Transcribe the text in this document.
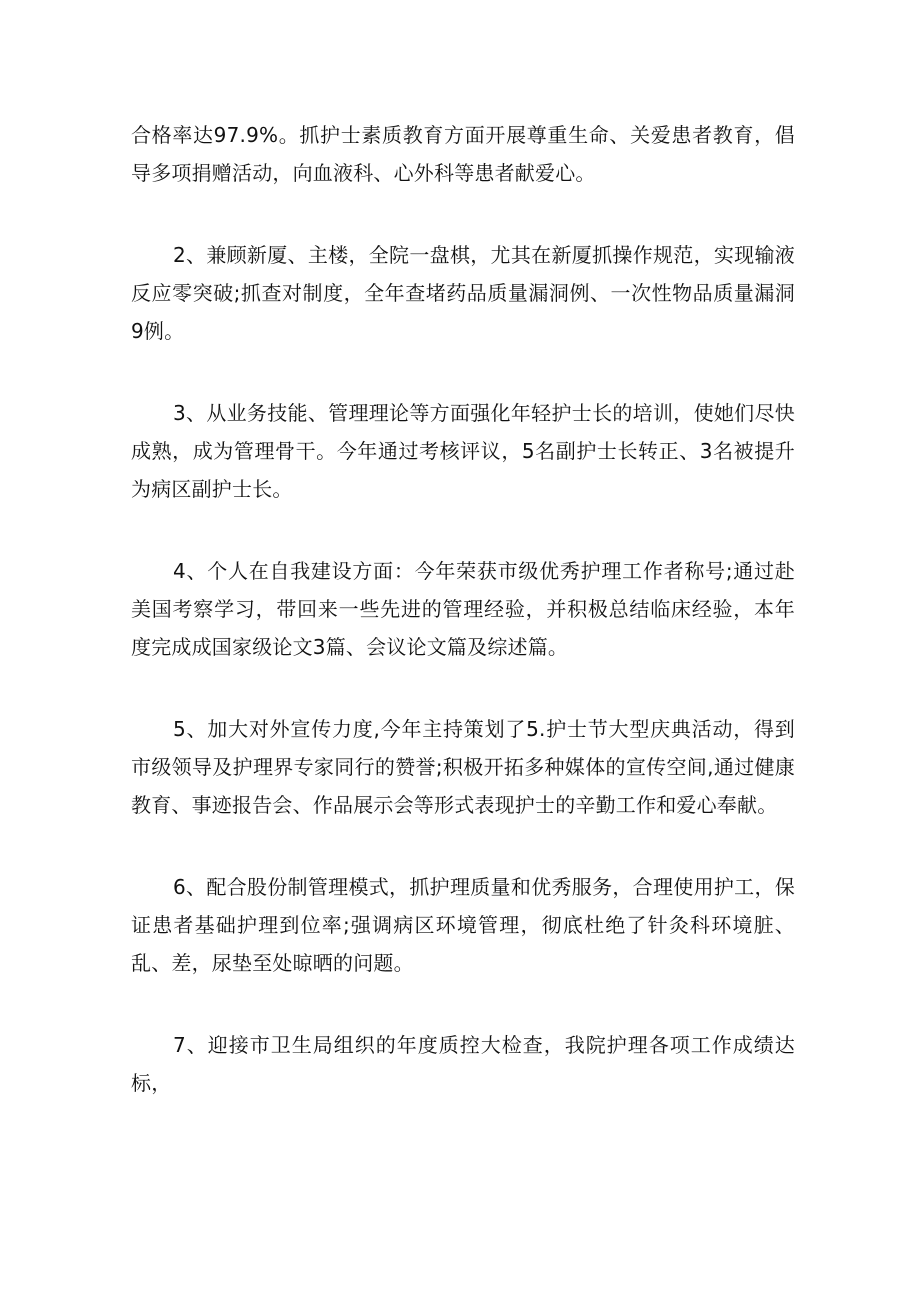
合格率达97.9%。抓护士素质教育方面开展尊重生命、关爱患者教育，倡导多项捐赠活动，向血液科、心外科等患者献爱心。

2、兼顾新厦、主楼，全院一盘棋，尤其在新厦抓操作规范，实现输液反应零突破;抓查对制度，全年查堵药品质量漏洞例、一次性物品质量漏洞9例。

3、从业务技能、管理理论等方面强化年轻护士长的培训，使她们尽快成熟，成为管理骨干。今年通过考核评议，5名副护士长转正、3名被提升为病区副护士长。

4、个人在自我建设方面：今年荣获市级优秀护理工作者称号;通过赴美国考察学习，带回来一些先进的管理经验，并积极总结临床经验，本年度完成成国家级论文3篇、会议论文篇及综述篇。

5、加大对外宣传力度,今年主持策划了5.护士节大型庆典活动，得到市级领导及护理界专家同行的赞誉;积极开拓多种媒体的宣传空间,通过健康教育、事迹报告会、作品展示会等形式表现护士的辛勤工作和爱心奉献。

6、配合股份制管理模式，抓护理质量和优秀服务，合理使用护工，保证患者基础护理到位率;强调病区环境管理，彻底杜绝了针灸科环境脏、乱、差，尿垫至处晾晒的问题。

7、迎接市卫生局组织的年度质控大检查，我院护理各项工作成绩达标，
